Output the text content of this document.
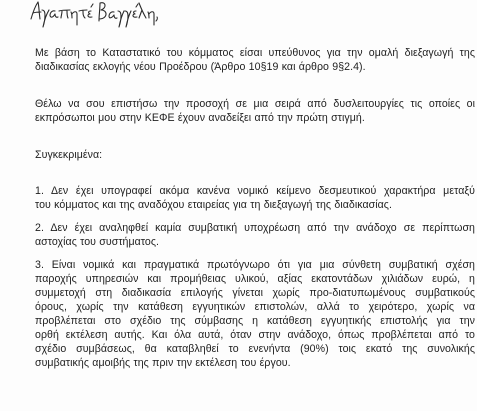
Με βάση το Καταστατικό του κόμματος είσαι υπεύθυνος για την ομαλή διεξαγωγή της
διαδικασίας εκλογής νέου Προέδρου (Άρθρο 10§19 και άρθρο 9§2.4).
Θέλω να σου επιστήσω την προσοχή σε μια σειρά από δυσλειτουργίες τις οποίες οι
εκπρόσωποι μου στην ΚΕΦΕ έχουν αναδείξει από την πρώτη στιγμή.
Συγκεκριμένα:
1. Δεν έχει υπογραφεί ακόμα κανένα νομικό κείμενο δεσμευτικού χαρακτήρα μεταξύ
του κόμματος και της αναδόχου εταιρείας για τη διεξαγωγή της διαδικασίας.
2. Δεν έχει αναληφθεί καμία συμβατική υποχρέωση από την ανάδοχο σε περίπτωση
αστοχίας του συστήματος.
3. Είναι νομικά και πραγματικά πρωτόγνωρο ότι για μια σύνθετη συμβατική σχέση
παροχής υπηρεσιών και προμήθειας υλικού, αξίας εκατοντάδων χιλιάδων ευρώ, η
συμμετοχή στη διαδικασία επιλογής γίνεται χωρίς προ-διατυπωμένους συμβατικούς
όρους, χωρίς την κατάθεση εγγυητικών επιστολών, αλλά το χειρότερο, χωρίς να
προβλέπεται στο σχέδιο της σύμβασης η κατάθεση εγγυητικής επιστολής για την
ορθή εκτέλεση αυτής. Και όλα αυτά, όταν στην ανάδοχο, όπως προβλέπεται από το
σχέδιο συμβάσεως, θα καταβληθεί το ενενήντα (90%) τοις εκατό της συνολικής
συμβατικής αμοιβής της πριν την εκτέλεση του έργου.
